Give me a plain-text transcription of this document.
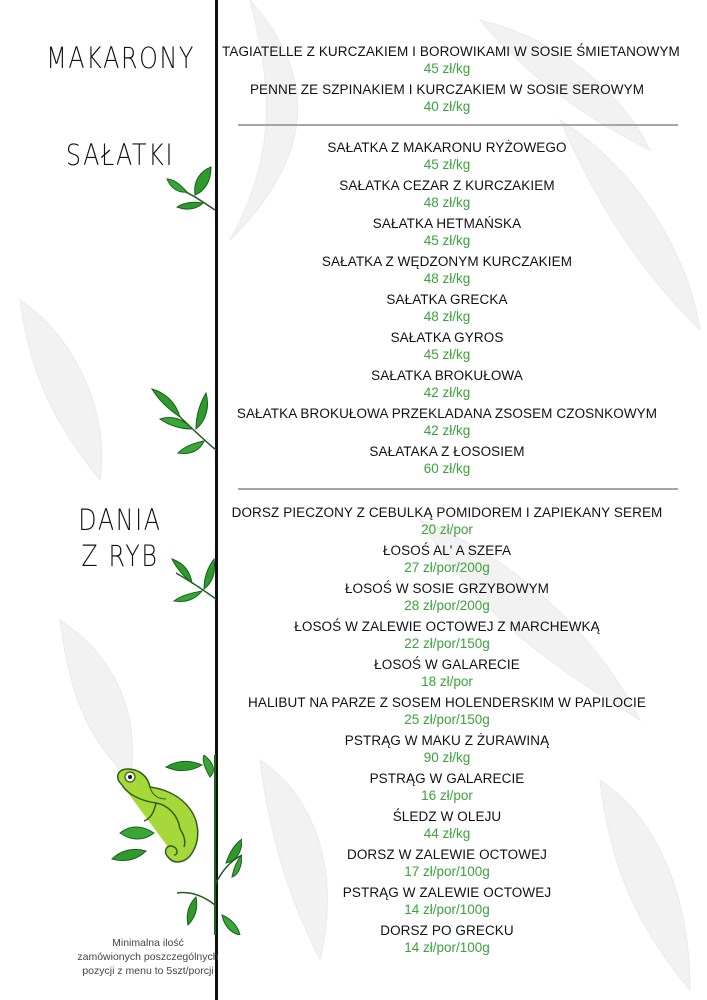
MAKARONY
SAŁATKI
DANIA
Z RYB
TAGIATELLE Z KURCZAKIEM I BOROWIKAMI W SOSIE ŚMIETANOWYM
45 zł/kg
PENNE ZE SZPINAKIEM I KURCZAKIEM W SOSIE SEROWYM
40 zł/kg
SAŁATKA Z MAKARONU RYŻOWEGO
45 zł/kg
SAŁATKA CEZAR Z KURCZAKIEM
48 zł/kg
SAŁATKA HETMAŃSKA
45 zł/kg
SAŁATKA Z WĘDZONYM KURCZAKIEM
48 zł/kg
SAŁATKA GRECKA
48 zł/kg
SAŁATKA GYROS
45 zł/kg
SAŁATKA BROKUŁOWA
42 zł/kg
SAŁATKA BROKUŁOWA PRZEKLADANA ZSOSEM CZOSNKOWYM
42 zł/kg
SAŁATAKA Z ŁOSOSIEM
60 zł/kg
DORSZ PIECZONY Z CEBULKĄ POMIDOREM I ZAPIEKANY SEREM
20 zł/por
ŁOSOŚ AL' A SZEFA
27 zł/por/200g
ŁOSOŚ W SOSIE GRZYBOWYM
28 zł/por/200g
ŁOSOŚ W ZALEWIE OCTOWEJ Z MARCHEWKĄ
22 zł/por/150g
ŁOSOŚ W GALARECIE
18 zł/por
HALIBUT NA PARZE Z SOSEM HOLENDERSKIM W PAPILOCIE
25 zł/por/150g
PSTRĄG W MAKU Z ŻURAWINĄ
90 zł/kg
PSTRĄG W GALARECIE
16 zł/por
ŚLEDZ W OLEJU
44 zł/kg
DORSZ W ZALEWIE OCTOWEJ
17 zł/por/100g
PSTRĄG W ZALEWIE OCTOWEJ
14 zł/por/100g
DORSZ PO GRECKU
14 zł/por/100g
Minimalna ilość
zamówionych poszczególnych
pozycji z menu to 5szt/porcji
